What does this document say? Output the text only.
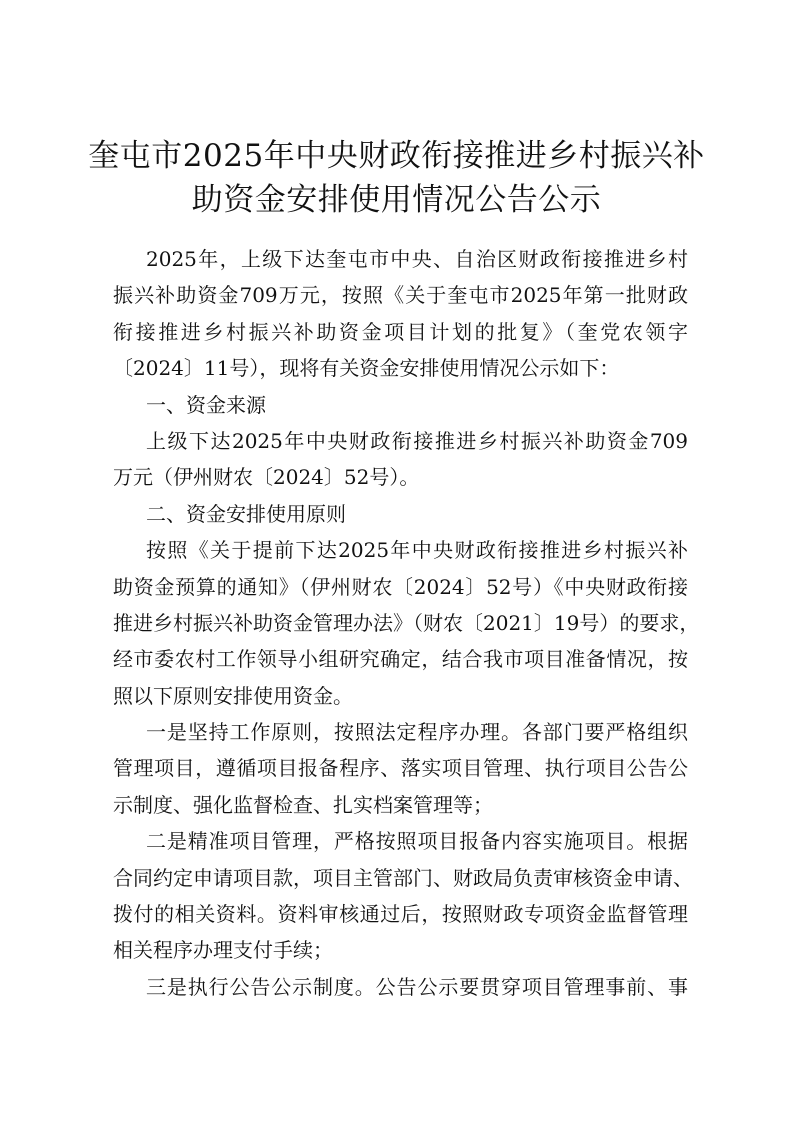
奎屯市2025年中央财政衔接推进乡村振兴补
助资金安排使用情况公告公示
2025年，上级下达奎屯市中央、自治区财政衔接推进乡村
振兴补助资金709万元，按照《关于奎屯市2025年第一批财政
衔接推进乡村振兴补助资金项目计划的批复》（奎党农领字
〔2024〕11号），现将有关资金安排使用情况公示如下：
一、资金来源
上级下达2025年中央财政衔接推进乡村振兴补助资金709
万元（伊州财农〔2024〕52号）。
二、资金安排使用原则
按照《关于提前下达2025年中央财政衔接推进乡村振兴补
助资金预算的通知》（伊州财农〔2024〕52号）《中央财政衔接
推进乡村振兴补助资金管理办法》（财农〔2021〕19号）的要求，
经市委农村工作领导小组研究确定，结合我市项目准备情况，按
照以下原则安排使用资金。
一是坚持工作原则，按照法定程序办理。各部门要严格组织
管理项目，遵循项目报备程序、落实项目管理、执行项目公告公
示制度、强化监督检查、扎实档案管理等；
二是精准项目管理，严格按照项目报备内容实施项目。根据
合同约定申请项目款，项目主管部门、财政局负责审核资金申请、
拨付的相关资料。资料审核通过后，按照财政专项资金监督管理
相关程序办理支付手续；
三是执行公告公示制度。公告公示要贯穿项目管理事前、事
